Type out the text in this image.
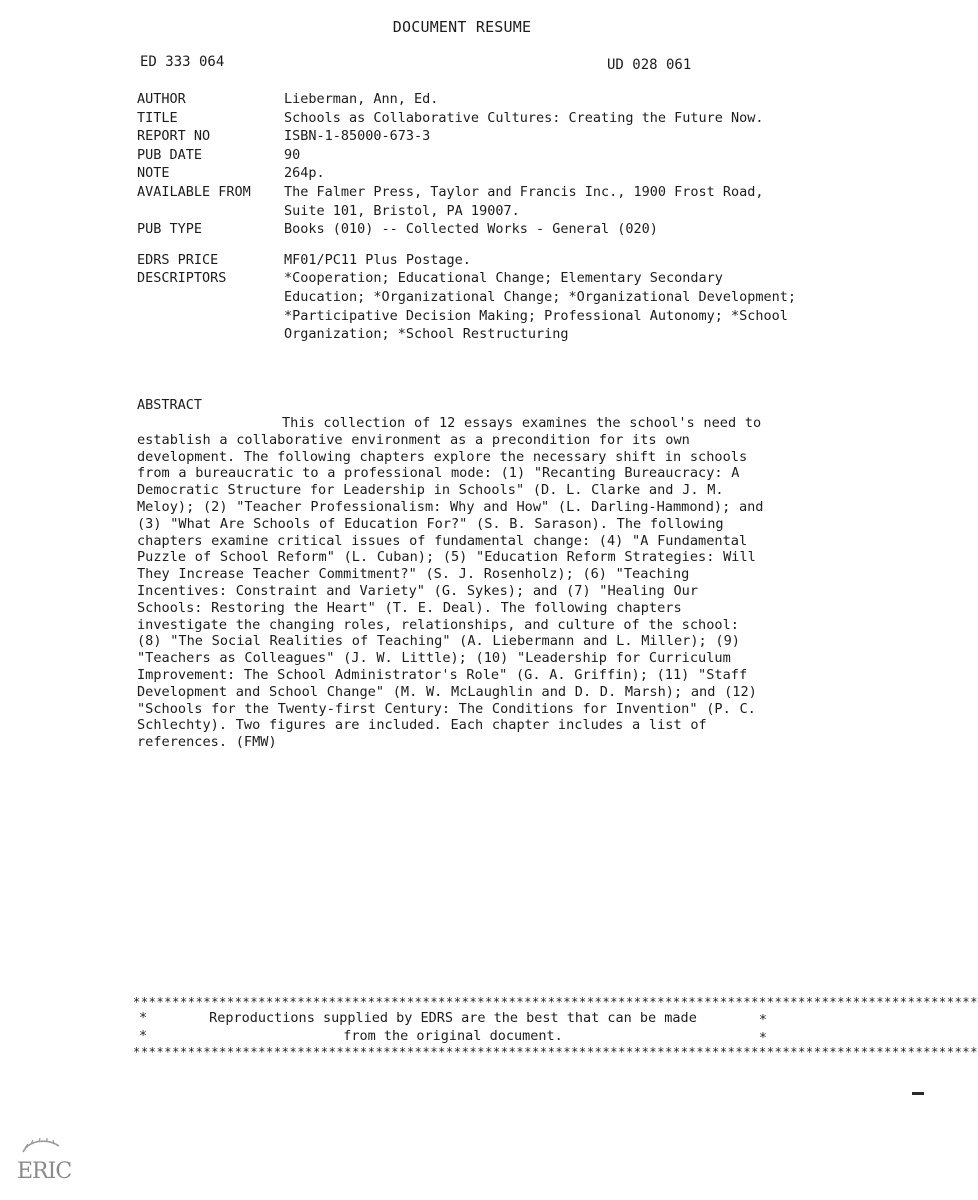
DOCUMENT RESUME
ED 333 064	UD 028 061
AUTHOR	Lieberman, Ann, Ed.
TITLE	Schools as Collaborative Cultures: Creating the Future Now.
REPORT NO	ISBN-1-85000-673-3
PUB DATE	90
NOTE	264p.
AVAILABLE FROM	The Falmer Press, Taylor and Francis Inc., 1900 Frost Road, Suite 101, Bristol, PA 19007.
PUB TYPE	Books (010) -- Collected Works - General (020)
EDRS PRICE	MF01/PC11 Plus Postage.
DESCRIPTORS	*Cooperation; Educational Change; Elementary Secondary Education; *Organizational Change; *Organizational Development; *Participative Decision Making; Professional Autonomy; *School Organization; *School Restructuring
ABSTRACT
This collection of 12 essays examines the school's need to establish a collaborative environment as a precondition for its own development. The following chapters explore the necessary shift in schools from a bureaucratic to a professional mode: (1) "Recanting Bureaucracy: A Democratic Structure for Leadership in Schools" (D. L. Clarke and J. M. Meloy); (2) "Teacher Professionalism: Why and How" (L. Darling-Hammond); and (3) "What Are Schools of Education For?" (S. B. Sarason). The following chapters examine critical issues of fundamental change: (4) "A Fundamental Puzzle of School Reform" (L. Cuban); (5) "Education Reform Strategies: Will They Increase Teacher Commitment?" (S. J. Rosenholz); (6) "Teaching Incentives: Constraint and Variety" (G. Sykes); and (7) "Healing Our Schools: Restoring the Heart" (T. E. Deal). The following chapters investigate the changing roles, relationships, and culture of the school: (8) "The Social Realities of Teaching" (A. Liebermann and L. Miller); (9) "Teachers as Colleagues" (J. W. Little); (10) "Leadership for Curriculum Improvement: The School Administrator's Role" (G. A. Griffin); (11) "Staff Development and School Change" (M. W. McLaughlin and D. D. Marsh); and (12) "Schools for the Twenty-first Century: The Conditions for Invention" (P. C. Schlechty). Two figures are included. Each chapter includes a list of references. (FMW)
************************************************************************************************************
*	Reproductions supplied by EDRS are the best that can be made	*
*	from the original document.	*
************************************************************************************************************
ERIC
